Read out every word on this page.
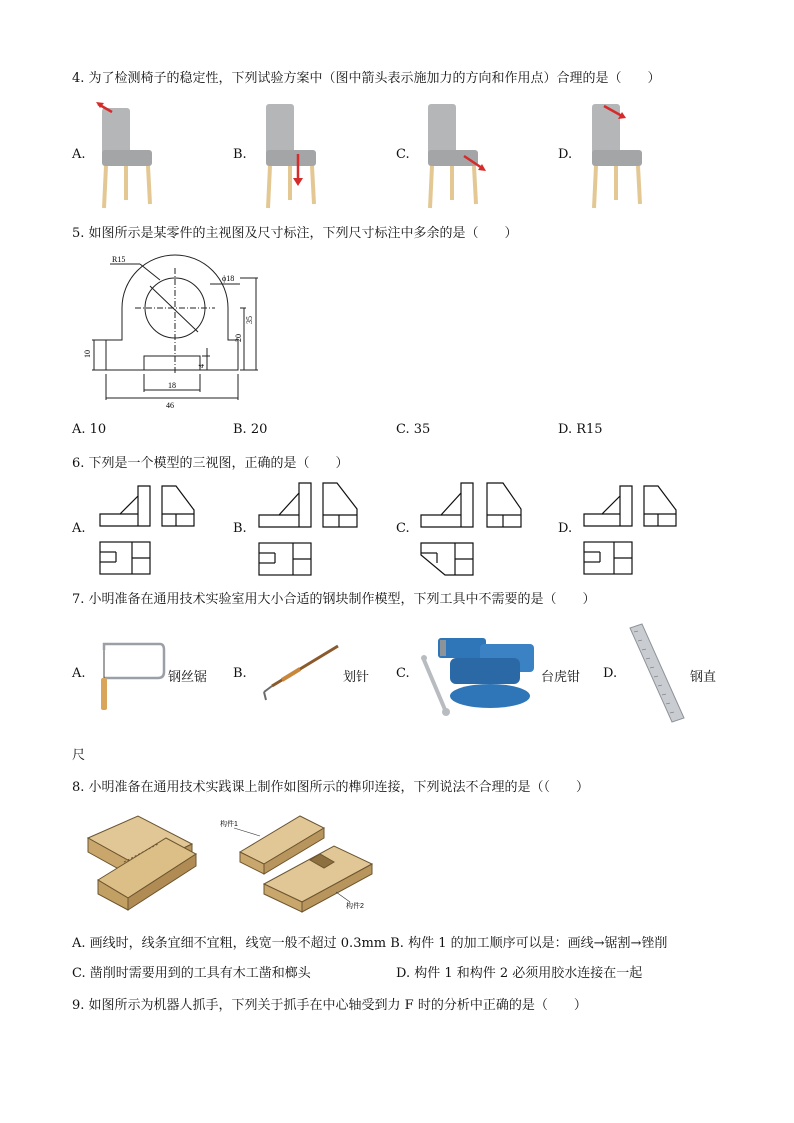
4. 为了检测椅子的稳定性，下列试验方案中（图中箭头表示施加力的方向和作用点）合理的是（　　）
A.	B.	C.	D.
5. 如图所示是某零件的主视图及尺寸标注，下列尺寸标注中多余的是（　　）
R15
ϕ18
35
20
10
4
18
46
A. 10	B. 20	C. 35	D. R15
6. 下列是一个模型的三视图，正确的是（　　）
A.	B.	C.	D.
7. 小明准备在通用技术实验室用大小合适的钢块制作模型，下列工具中不需要的是（　　）
A.	钢丝锯 B.	划针 C.	台虎钳 D.	钢直
尺
8. 小明准备在通用技术实践课上制作如图所示的榫卯连接，下列说法不合理的是（（　　）
构件1
构件2
A. 画线时，线条宜细不宜粗，线宽一般不超过 0.3mm B. 构件 1 的加工顺序可以是：画线→锯割→锉削
C. 凿削时需要用到的工具有木工凿和榔头	D. 构件 1 和构件 2 必须用胶水连接在一起
9. 如图所示为机器人抓手，下列关于抓手在中心轴受到力 F 时的分析中正确的是（　　）
